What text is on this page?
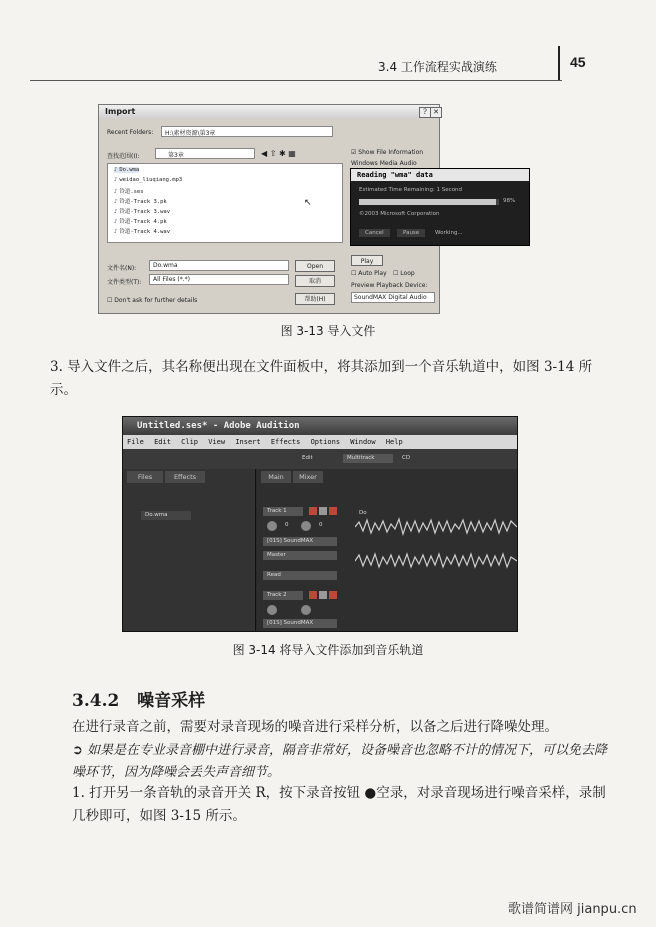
3.4 工作流程实战演练	45
Import	? ✕
Recent Folders: H:\素材资源\第3章
查找范围(I):	第3章	◀ ⇧ ✱ ▦
♪ Do.wma
♪ weidao_liuqiang.mp3
♪ 铃道.ses
♪ 铃道-Track 3.pk
♪ 铃道-Track 3.wav
♪ 铃道-Track 4.pk
♪ 铃道-Track 4.wav
↖
文件名(N):	Do.wma
文件类型(T): All Files (*.*)
Open
取消
帮助(H)
☐ Don't ask for further details
☑ Show File Information
Windows Media Audio
Play
☐ Auto Play ☐ Loop
Preview Playback Device:
SoundMAX Digital Audio
Reading "wma" data
Estimated Time Remaining: 1 Second
98%
©2003 Microsoft Corporation
Cancel	Pause	Working...
图 3-13 导入文件
3. 导入文件之后，其名称便出现在文件面板中，将其添加到一个音乐轨道中，如图 3-14 所示。
Untitled.ses* - Adobe Audition
File Edit Clip View Insert Effects Options Window Help
Edit	Multitrack	CD
Files	Effects
Do.wma
Main	Mixer
Track 1
0	0
[01S] SoundMAX
Master
Read
Track 2
[01S] SoundMAX
Do
图 3-14 将导入文件添加到音乐轨道
3.4.2 噪音采样
在进行录音之前，需要对录音现场的噪音进行采样分析，以备之后进行降噪处理。
➲ 如果是在专业录音棚中进行录音，隔音非常好，设备噪音也忽略不计的情况下，可以免去降噪环节，因为降噪会丢失声音细节。
1. 打开另一条音轨的录音开关 R，按下录音按钮 ●空录，对录音现场进行噪音采样，录制几秒即可，如图 3-15 所示。
歌谱简谱网 jianpu.cn
